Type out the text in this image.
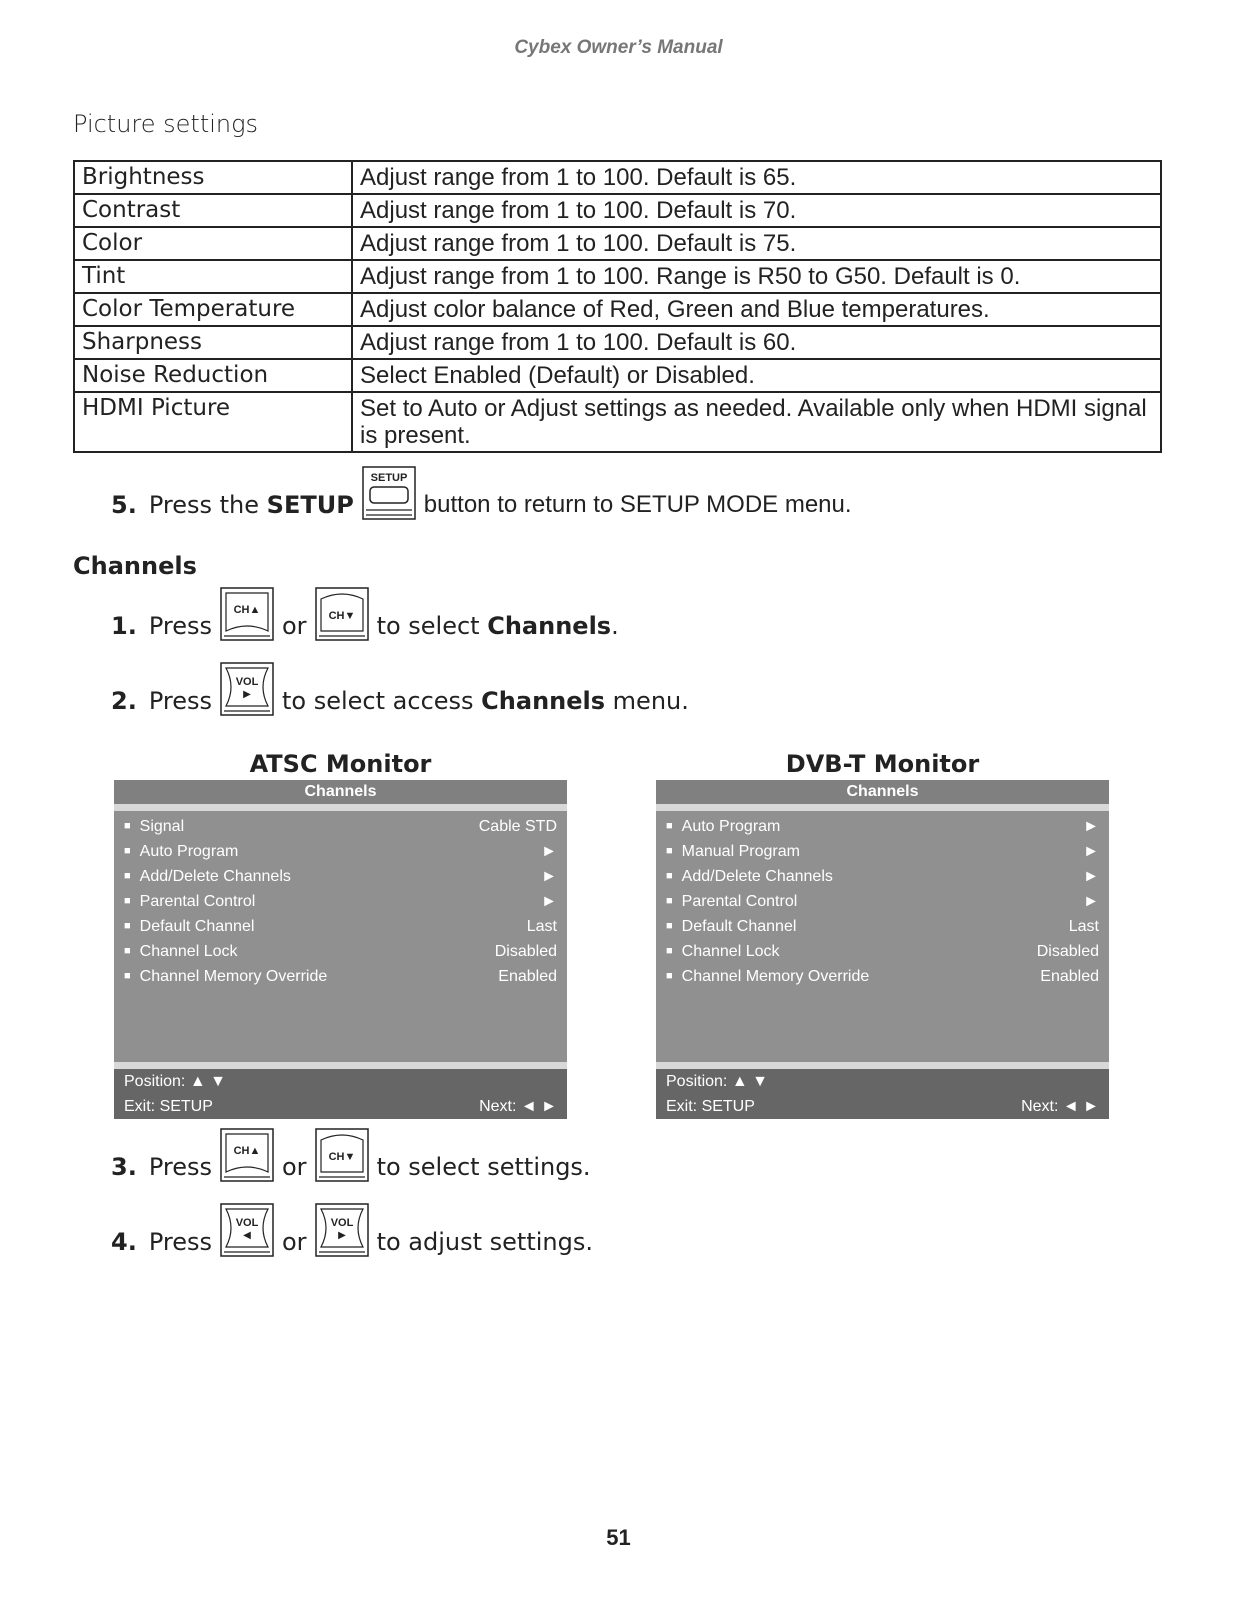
Cybex Owner’s Manual
Picture settings
Brightness	Adjust range from 1 to 100. Default is 65.
Contrast	Adjust range from 1 to 100. Default is 70.
Color	Adjust range from 1 to 100. Default is 75.
Tint	Adjust range from 1 to 100. Range is R50 to G50. Default is 0.
Color Temperature	Adjust color balance of Red, Green and Blue temperatures.
Sharpness	Adjust range from 1 to 100. Default is 60.
Noise Reduction	Select Enabled (Default) or Disabled.
HDMI Picture	Set to Auto or Adjust settings as needed. Available only when HDMI signal is present.
5. Press the
SETUP
SETUP
button to return to SETUP MODE menu.
Channels
1. Press
CH▲
or CH▼ to select
Channels .
2. Press
VOL
▶ to select access
Channels
menu.
ATSC Monitor
Channels
■ Signal	Cable STD
■ Auto Program	►
■ Add/Delete Channels	►
■ Parental Control	►
■ Default Channel	Last
■ Channel Lock	Disabled
■ Channel Memory Override	Enabled
Position: ▲ ▼
Exit: SETUP	Next: ◄ ►
DVB-T Monitor
Channels
■ Auto Program	►
■ Manual Program	►
■ Add/Delete Channels	►
■ Parental Control	►
■ Default Channel	Last
■ Channel Lock	Disabled
■ Channel Memory Override	Enabled
Position: ▲ ▼
Exit: SETUP	Next: ◄ ►
3. Press
CH▲
or CH▼ to select settings.
4. Press
VOL
◀ or
VOL
▶ to adjust settings.
51
